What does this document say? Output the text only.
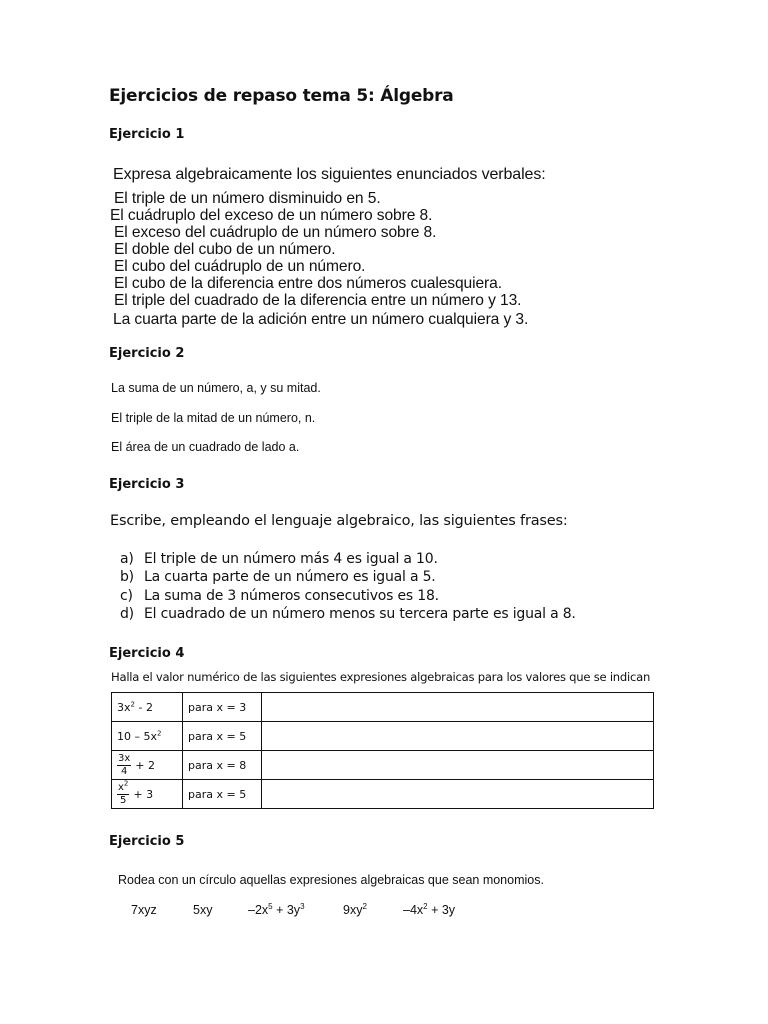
Ejercicios de repaso tema 5: Álgebra
Ejercicio 1
Expresa algebraicamente los siguientes enunciados verbales:
El triple de un número disminuido en 5.
El cuádruplo del exceso de un número sobre 8.
El exceso del cuádruplo de un número sobre 8.
El doble del cubo de un número.
El cubo del cuádruplo de un número.
El cubo de la diferencia entre dos números cualesquiera.
El triple del cuadrado de la diferencia entre un número y 13.
La cuarta parte de la adición entre un número cualquiera y 3.
Ejercicio 2
La suma de un número, a, y su mitad.
El triple de la mitad de un número, n.
El área de un cuadrado de lado a.
Ejercicio 3
Escribe, empleando el lenguaje algebraico, las siguientes frases:
a) El triple de un número más 4 es igual a 10.
b) La cuarta parte de un número es igual a 5.
c) La suma de 3 números consecutivos es 18.
d) El cuadrado de un número menos su tercera parte es igual a 8.
Ejercicio 4
Halla el valor numérico de las siguientes expresiones algebraicas para los valores que se indican
$3x^2 - 2$	para x = 3	
$10 - 5x^2$	para x = 5	

$\frac{3x}{4} + 2$	para x = 8	

$\frac{x^2}{5} + 3$	para x = 5	
Ejercicio 5
Rodea con un círculo aquellas expresiones algebraicas que sean monomios.
7xyz	5xy	$-2x^5 + 3y^3$	$9xy^2$	$-4x^2 + 3y$
